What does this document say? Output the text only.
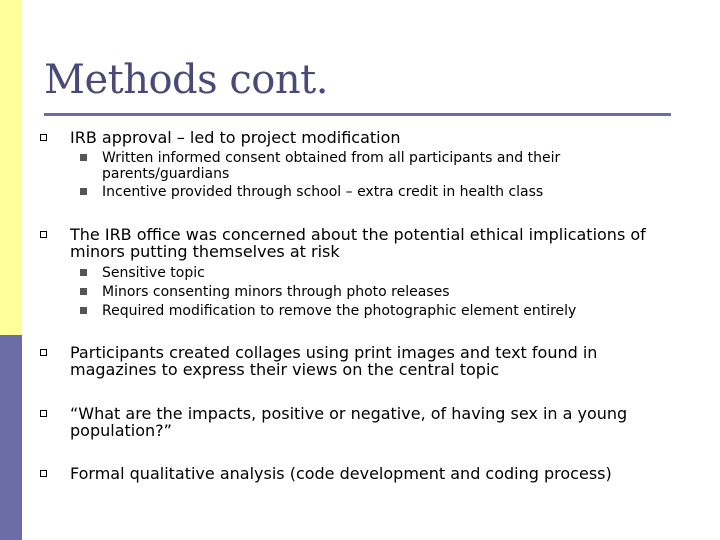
Methods cont.
IRB approval – led to project modification
Written informed consent obtained from all participants and their parents/guardians
Incentive provided through school – extra credit in health class
The IRB office was concerned about the potential ethical implications of minors putting themselves at risk
Sensitive topic
Minors consenting minors through photo releases
Required modification to remove the photographic element entirely
Participants created collages using print images and text found in magazines to express their views on the central topic
“What are the impacts, positive or negative, of having sex in a young population?”
Formal qualitative analysis (code development and coding process)
